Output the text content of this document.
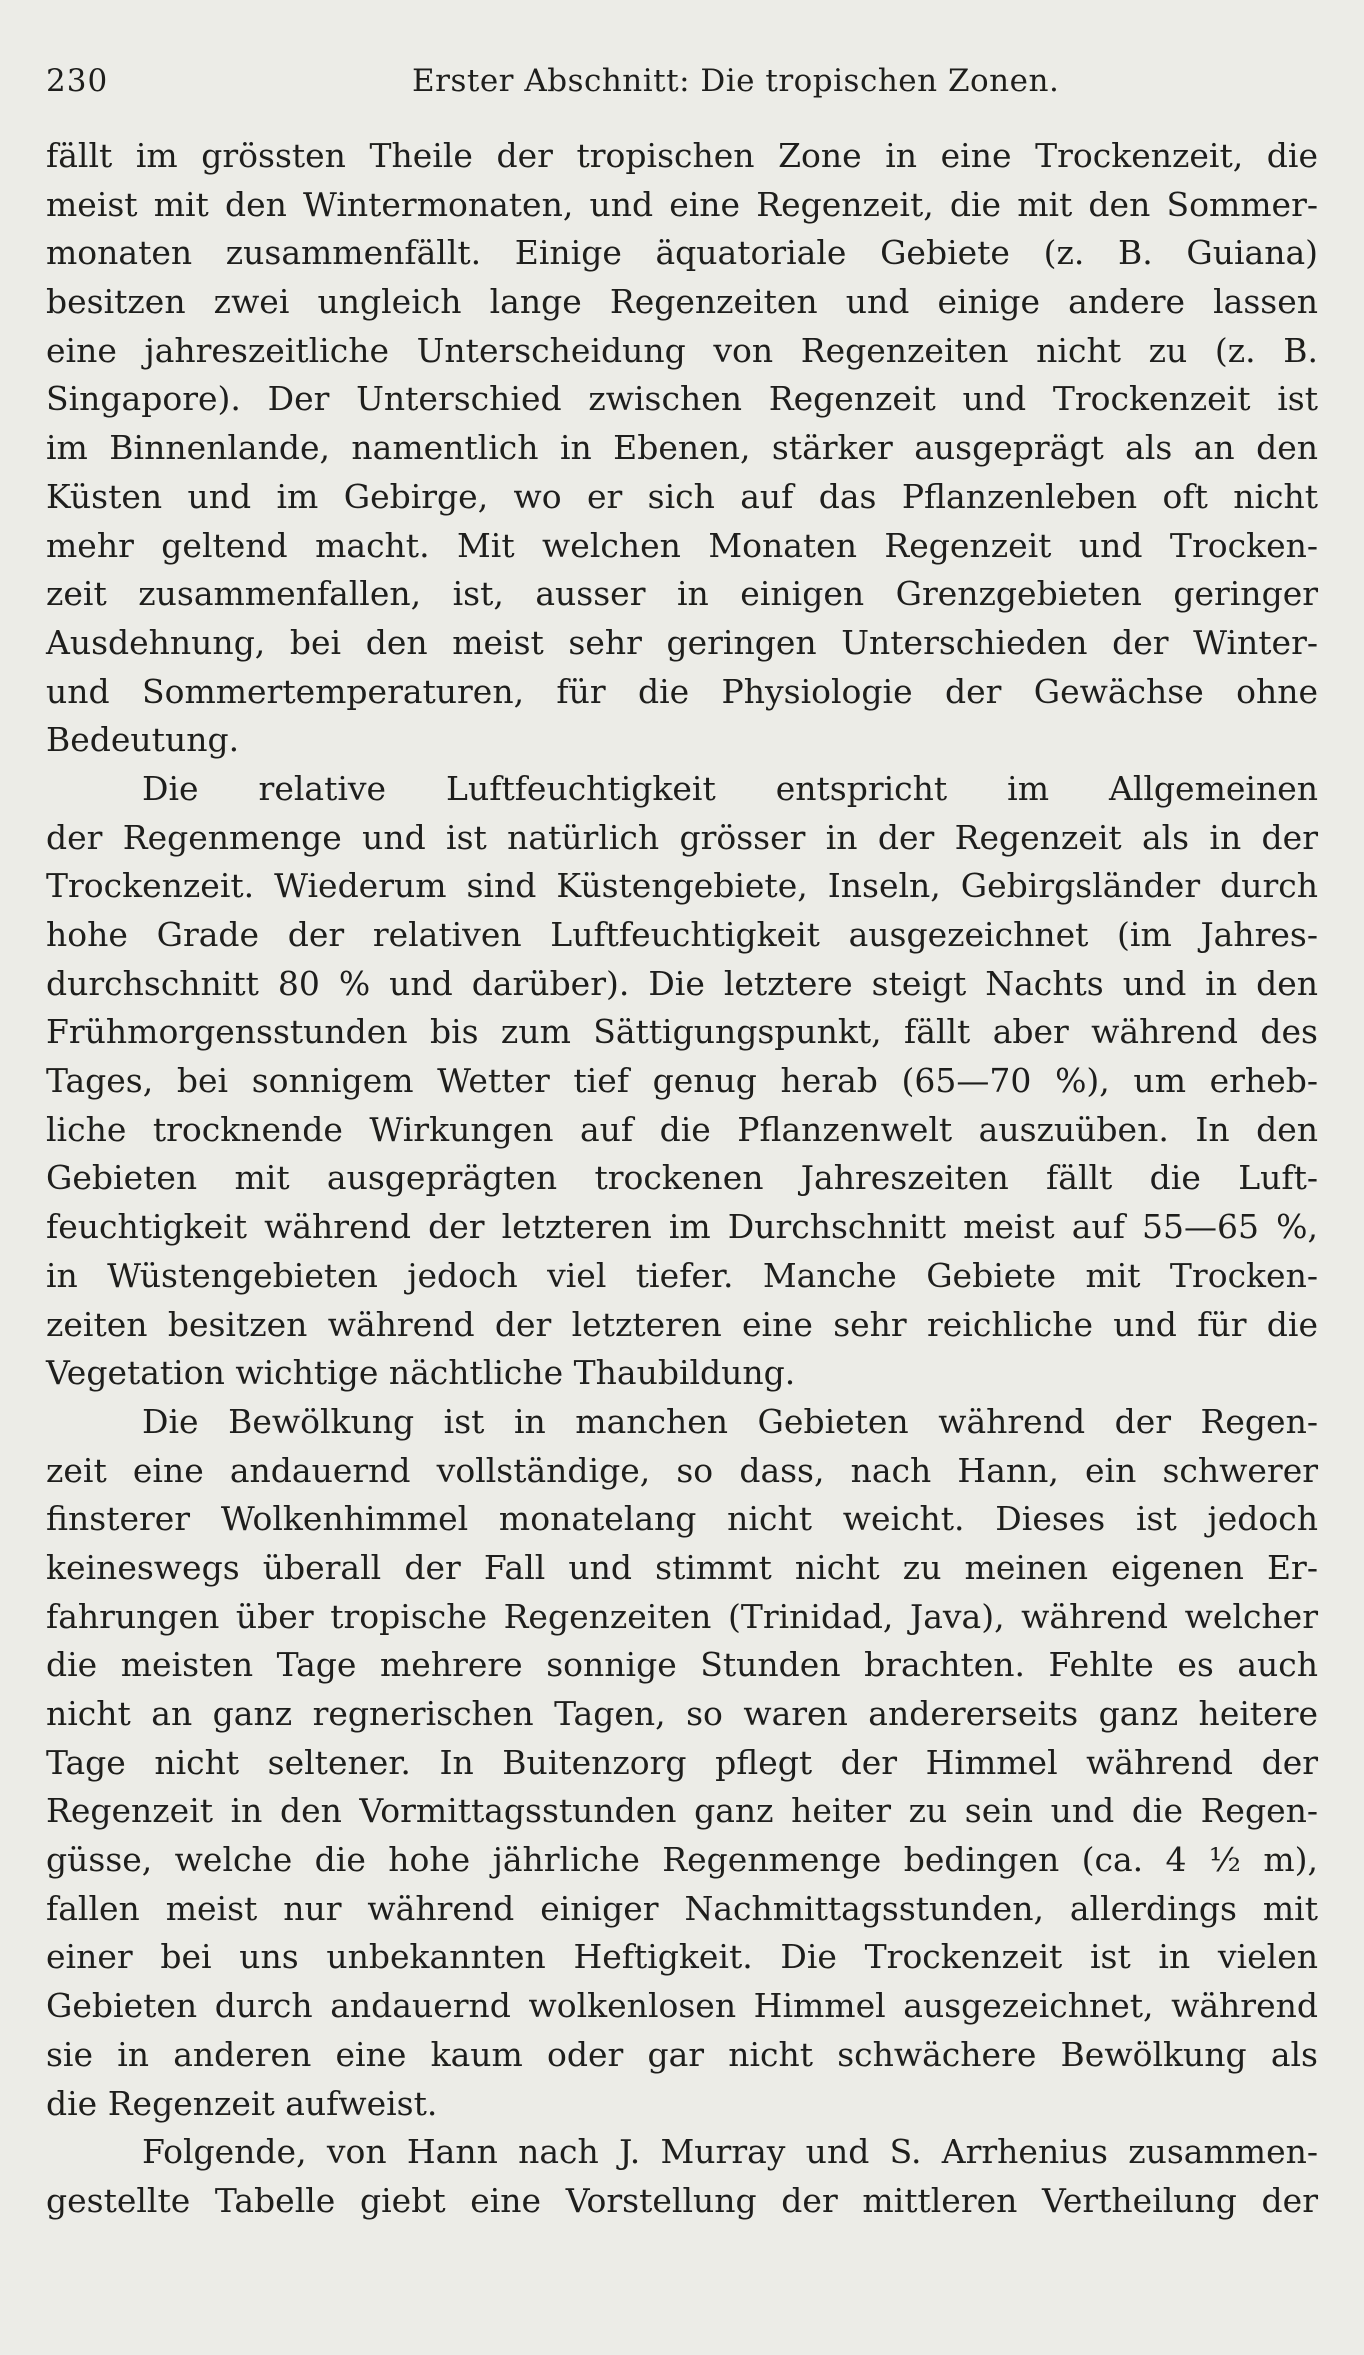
230	Erster Abschnitt: Die tropischen Zonen.
fällt im grössten Theile der tropischen Zone in eine Trockenzeit, die
meist mit den Wintermonaten, und eine Regenzeit, die mit den Sommer-
monaten zusammenfällt. Einige äquatoriale Gebiete (z. B. Guiana)
besitzen zwei ungleich lange Regenzeiten und einige andere lassen
eine jahreszeitliche Unterscheidung von Regenzeiten nicht zu (z. B.
Singapore). Der Unterschied zwischen Regenzeit und Trockenzeit ist
im Binnenlande, namentlich in Ebenen, stärker ausgeprägt als an den
Küsten und im Gebirge, wo er sich auf das Pflanzenleben oft nicht
mehr geltend macht. Mit welchen Monaten Regenzeit und Trocken-
zeit zusammenfallen, ist, ausser in einigen Grenzgebieten geringer
Ausdehnung, bei den meist sehr geringen Unterschieden der Winter-
und Sommertemperaturen, für die Physiologie der Gewächse ohne
Bedeutung.
Die relative Luftfeuchtigkeit entspricht im Allgemeinen
der Regenmenge und ist natürlich grösser in der Regenzeit als in der
Trockenzeit. Wiederum sind Küstengebiete, Inseln, Gebirgsländer durch
hohe Grade der relativen Luftfeuchtigkeit ausgezeichnet (im Jahres-
durchschnitt 80 % und darüber). Die letztere steigt Nachts und in den
Frühmorgensstunden bis zum Sättigungspunkt, fällt aber während des
Tages, bei sonnigem Wetter tief genug herab (65—70 %), um erheb-
liche trocknende Wirkungen auf die Pflanzenwelt auszuüben. In den
Gebieten mit ausgeprägten trockenen Jahreszeiten fällt die Luft-
feuchtigkeit während der letzteren im Durchschnitt meist auf 55—65 %,
in Wüstengebieten jedoch viel tiefer. Manche Gebiete mit Trocken-
zeiten besitzen während der letzteren eine sehr reichliche und für die
Vegetation wichtige nächtliche Thaubildung.
Die Bewölkung ist in manchen Gebieten während der Regen-
zeit eine andauernd vollständige, so dass, nach Hann, ein schwerer
finsterer Wolkenhimmel monatelang nicht weicht. Dieses ist jedoch
keineswegs überall der Fall und stimmt nicht zu meinen eigenen Er-
fahrungen über tropische Regenzeiten (Trinidad, Java), während welcher
die meisten Tage mehrere sonnige Stunden brachten. Fehlte es auch
nicht an ganz regnerischen Tagen, so waren andererseits ganz heitere
Tage nicht seltener. In Buitenzorg pflegt der Himmel während der
Regenzeit in den Vormittagsstunden ganz heiter zu sein und die Regen-
güsse, welche die hohe jährliche Regenmenge bedingen (ca. 4 ½ m),
fallen meist nur während einiger Nachmittagsstunden, allerdings mit
einer bei uns unbekannten Heftigkeit. Die Trockenzeit ist in vielen
Gebieten durch andauernd wolkenlosen Himmel ausgezeichnet, während
sie in anderen eine kaum oder gar nicht schwächere Bewölkung als
die Regenzeit aufweist.
Folgende, von Hann nach J. Murray und S. Arrhenius zusammen-
gestellte Tabelle giebt eine Vorstellung der mittleren Vertheilung der
